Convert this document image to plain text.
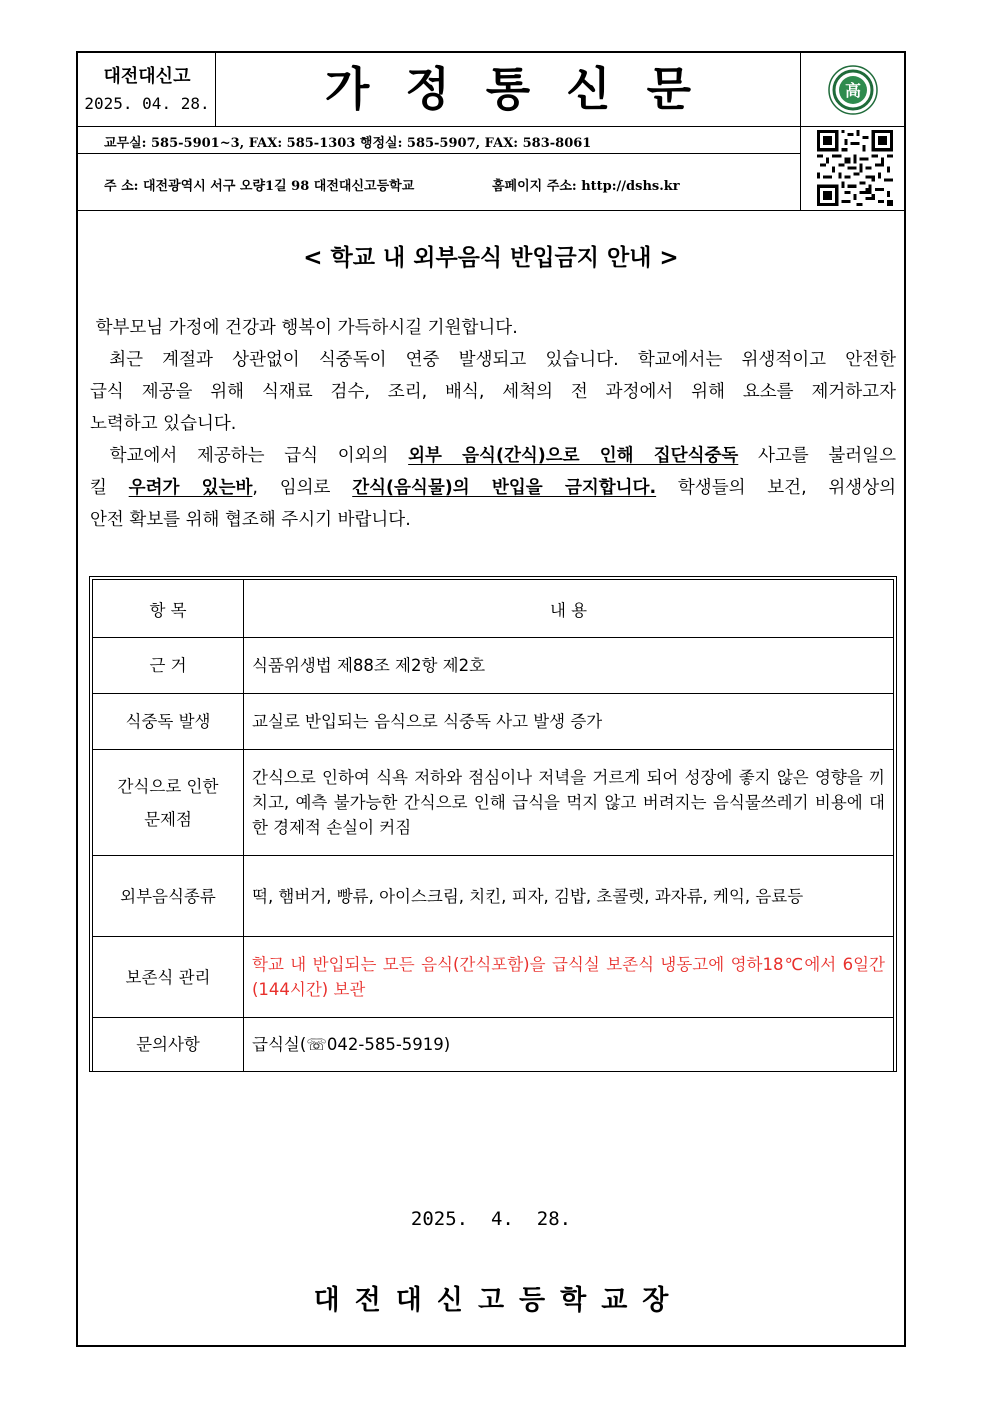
대전대신고
2025. 04. 28.	가정통신문	高
교무실: 585-5901~3, FAX: 585-1303 행정실: 585-5907, FAX: 583-8061
주 소: 대전광역시 서구 오량1길 98 대전대신고등학교	홈페이지 주소: http://dshs.kr
< 학교 내 외부음식 반입금지 안내 >
학부모님 가정에 건강과 행복이 가득하시길 기원합니다.
최근 계절과 상관없이 식중독이 연중 발생되고 있습니다. 학교에서는 위생적이고 안전한
급식 제공을 위해 식재료 검수, 조리, 배식, 세척의 전 과정에서 위해 요소를 제거하고자
노력하고 있습니다.
학교에서 제공하는 급식 이외의 외부 음식(간식)으로 인해 집단식중독 사고를 불러일으
킬 우려가 있는바, 임의로 간식(음식물)의 반입을 금지합니다. 학생들의 보건, 위생상의
안전 확보를 위해 협조해 주시기 바랍니다.
항 목	내 용
근 거	식품위생법 제88조 제2항 제2호
식중독 발생	교실로 반입되는 음식으로 식중독 사고 발생 증가
간식으로 인한
문제점	간식으로 인하여 식욕 저하와 점심이나 저녁을 거르게 되어 성장에 좋지 않은 영향을 끼치고, 예측 불가능한 간식으로 인해 급식을 먹지 않고 버려지는 음식물쓰레기 비용에 대한 경제적 손실이 커짐
외부음식종류	떡, 햄버거, 빵류, 아이스크림, 치킨, 피자, 김밥, 초콜렛, 과자류, 케익, 음료등
보존식 관리	학교 내 반입되는 모든 음식(간식포함)을 급식실 보존식 냉동고에 영하18℃에서 6일간(144시간) 보관
문의사항	급식실(☏042-585-5919)
2025.  4.  28.
대전대신고등학교장
